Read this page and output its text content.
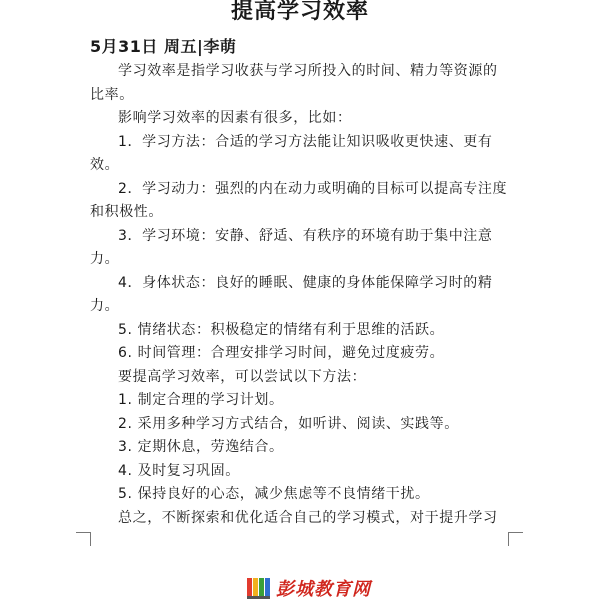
提高学习效率
5月31日 周五|李萌

学习效率是指学习收获与学习所投入的时间、精力等资源的比率。

影响学习效率的因素有很多，比如：

1．学习方法：合适的学习方法能让知识吸收更快速、更有效。

2．学习动力：强烈的内在动力或明确的目标可以提高专注度和积极性。

3．学习环境：安静、舒适、有秩序的环境有助于集中注意力。

4．身体状态：良好的睡眠、健康的身体能保障学习时的精力。

5. 情绪状态：积极稳定的情绪有利于思维的活跃。

6. 时间管理：合理安排学习时间，避免过度疲劳。

要提高学习效率，可以尝试以下方法：

1. 制定合理的学习计划。

2. 采用多种学习方式结合，如听讲、阅读、实践等。

3. 定期休息，劳逸结合。

4. 及时复习巩固。

5. 保持良好的心态，减少焦虑等不良情绪干扰。

总之，不断探索和优化适合自己的学习模式，对于提升学习

彭城教育网
